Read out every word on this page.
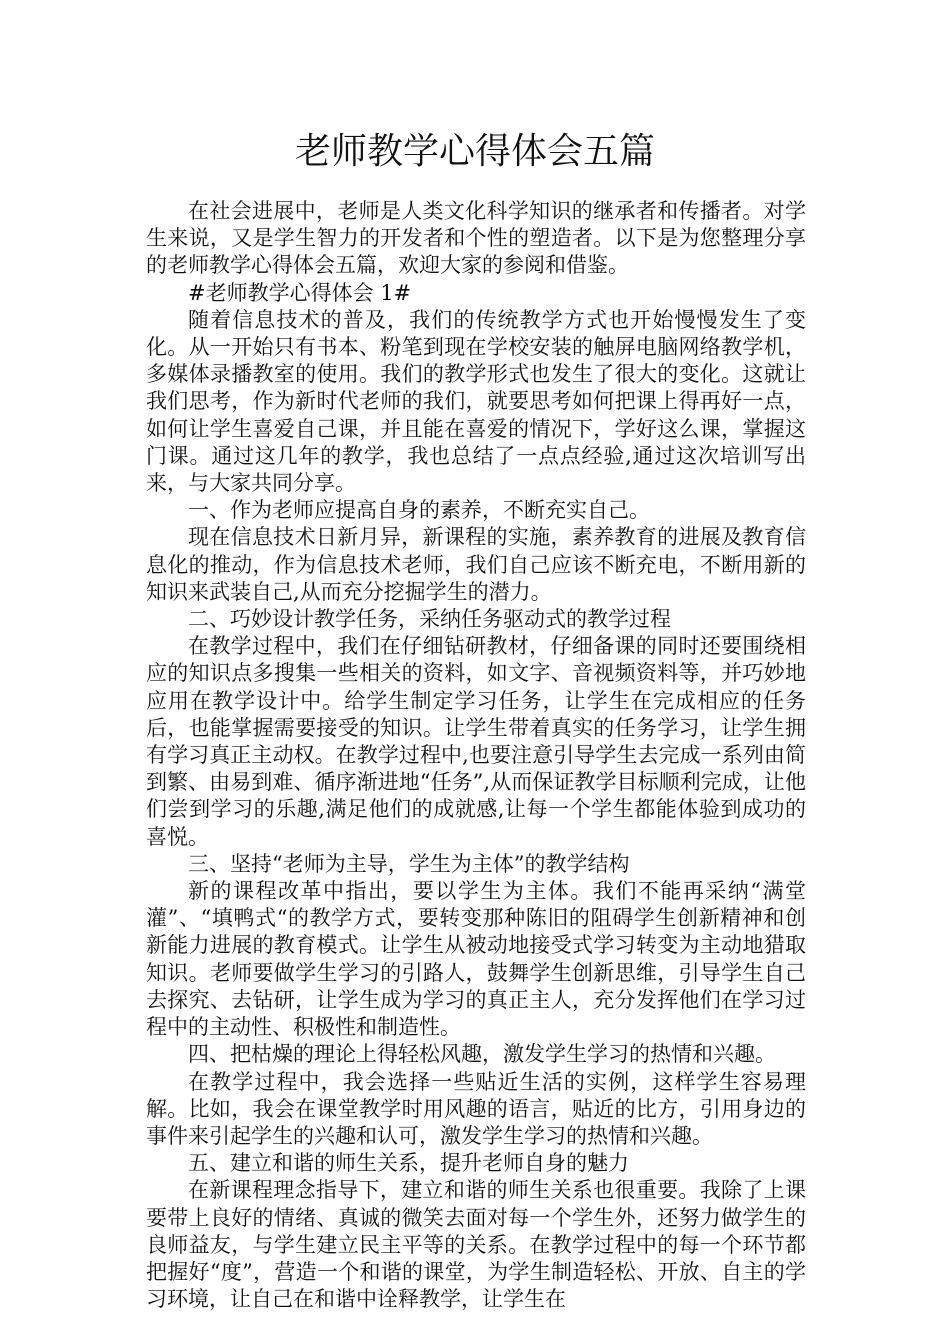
老师教学心得体会五篇

在社会进展中，老师是人类文化科学知识的继承者和传播者。对学生来说，又是学生智力的开发者和个性的塑造者。以下是为您整理分享的老师教学心得体会五篇，欢迎大家的参阅和借鉴。

#老师教学心得体会 1#

随着信息技术的普及，我们的传统教学方式也开始慢慢发生了变化。从一开始只有书本、粉笔到现在学校安装的触屏电脑网络教学机，多媒体录播教室的使用。我们的教学形式也发生了很大的变化。这就让我们思考，作为新时代老师的我们，就要思考如何把课上得再好一点，如何让学生喜爱自己课，并且能在喜爱的情况下，学好这么课，掌握这门课。通过这几年的教学，我也总结了一点点经验,通过这次培训写出来，与大家共同分享。

一、作为老师应提高自身的素养，不断充实自己。

现在信息技术日新月异，新课程的实施，素养教育的进展及教育信息化的推动，作为信息技术老师，我们自己应该不断充电，不断用新的知识来武装自己,从而充分挖掘学生的潜力。

二、巧妙设计教学任务，采纳任务驱动式的教学过程

在教学过程中，我们在仔细钻研教材，仔细备课的同时还要围绕相应的知识点多搜集一些相关的资料，如文字、音视频资料等，并巧妙地应用在教学设计中。给学生制定学习任务，让学生在完成相应的任务后，也能掌握需要接受的知识。让学生带着真实的任务学习，让学生拥有学习真正主动权。在教学过程中,也要注意引导学生去完成一系列由简到繁、由易到难、循序渐进地“任务”,从而保证教学目标顺利完成，让他们尝到学习的乐趣,满足他们的成就感,让每一个学生都能体验到成功的喜悦。

三、坚持“老师为主导，学生为主体”的教学结构

新的课程改革中指出，要以学生为主体。我们不能再采纳“满堂灌”、“填鸭式“的教学方式，要转变那种陈旧的阻碍学生创新精神和创新能力进展的教育模式。让学生从被动地接受式学习转变为主动地猎取知识。老师要做学生学习的引路人，鼓舞学生创新思维，引导学生自己去探究、去钻研，让学生成为学习的真正主人，充分发挥他们在学习过程中的主动性、积极性和制造性。

四、把枯燥的理论上得轻松风趣，激发学生学习的热情和兴趣。

在教学过程中，我会选择一些贴近生活的实例，这样学生容易理解。比如，我会在课堂教学时用风趣的语言，贴近的比方，引用身边的事件来引起学生的兴趣和认可，激发学生学习的热情和兴趣。

五、建立和谐的师生关系，提升老师自身的魅力

在新课程理念指导下，建立和谐的师生关系也很重要。我除了上课要带上良好的情绪、真诚的微笑去面对每一个学生外，还努力做学生的良师益友，与学生建立民主平等的关系。在教学过程中的每一个环节都把握好“度”，营造一个和谐的课堂，为学生制造轻松、开放、自主的学习环境，让自己在和谐中诠释教学，让学生在
